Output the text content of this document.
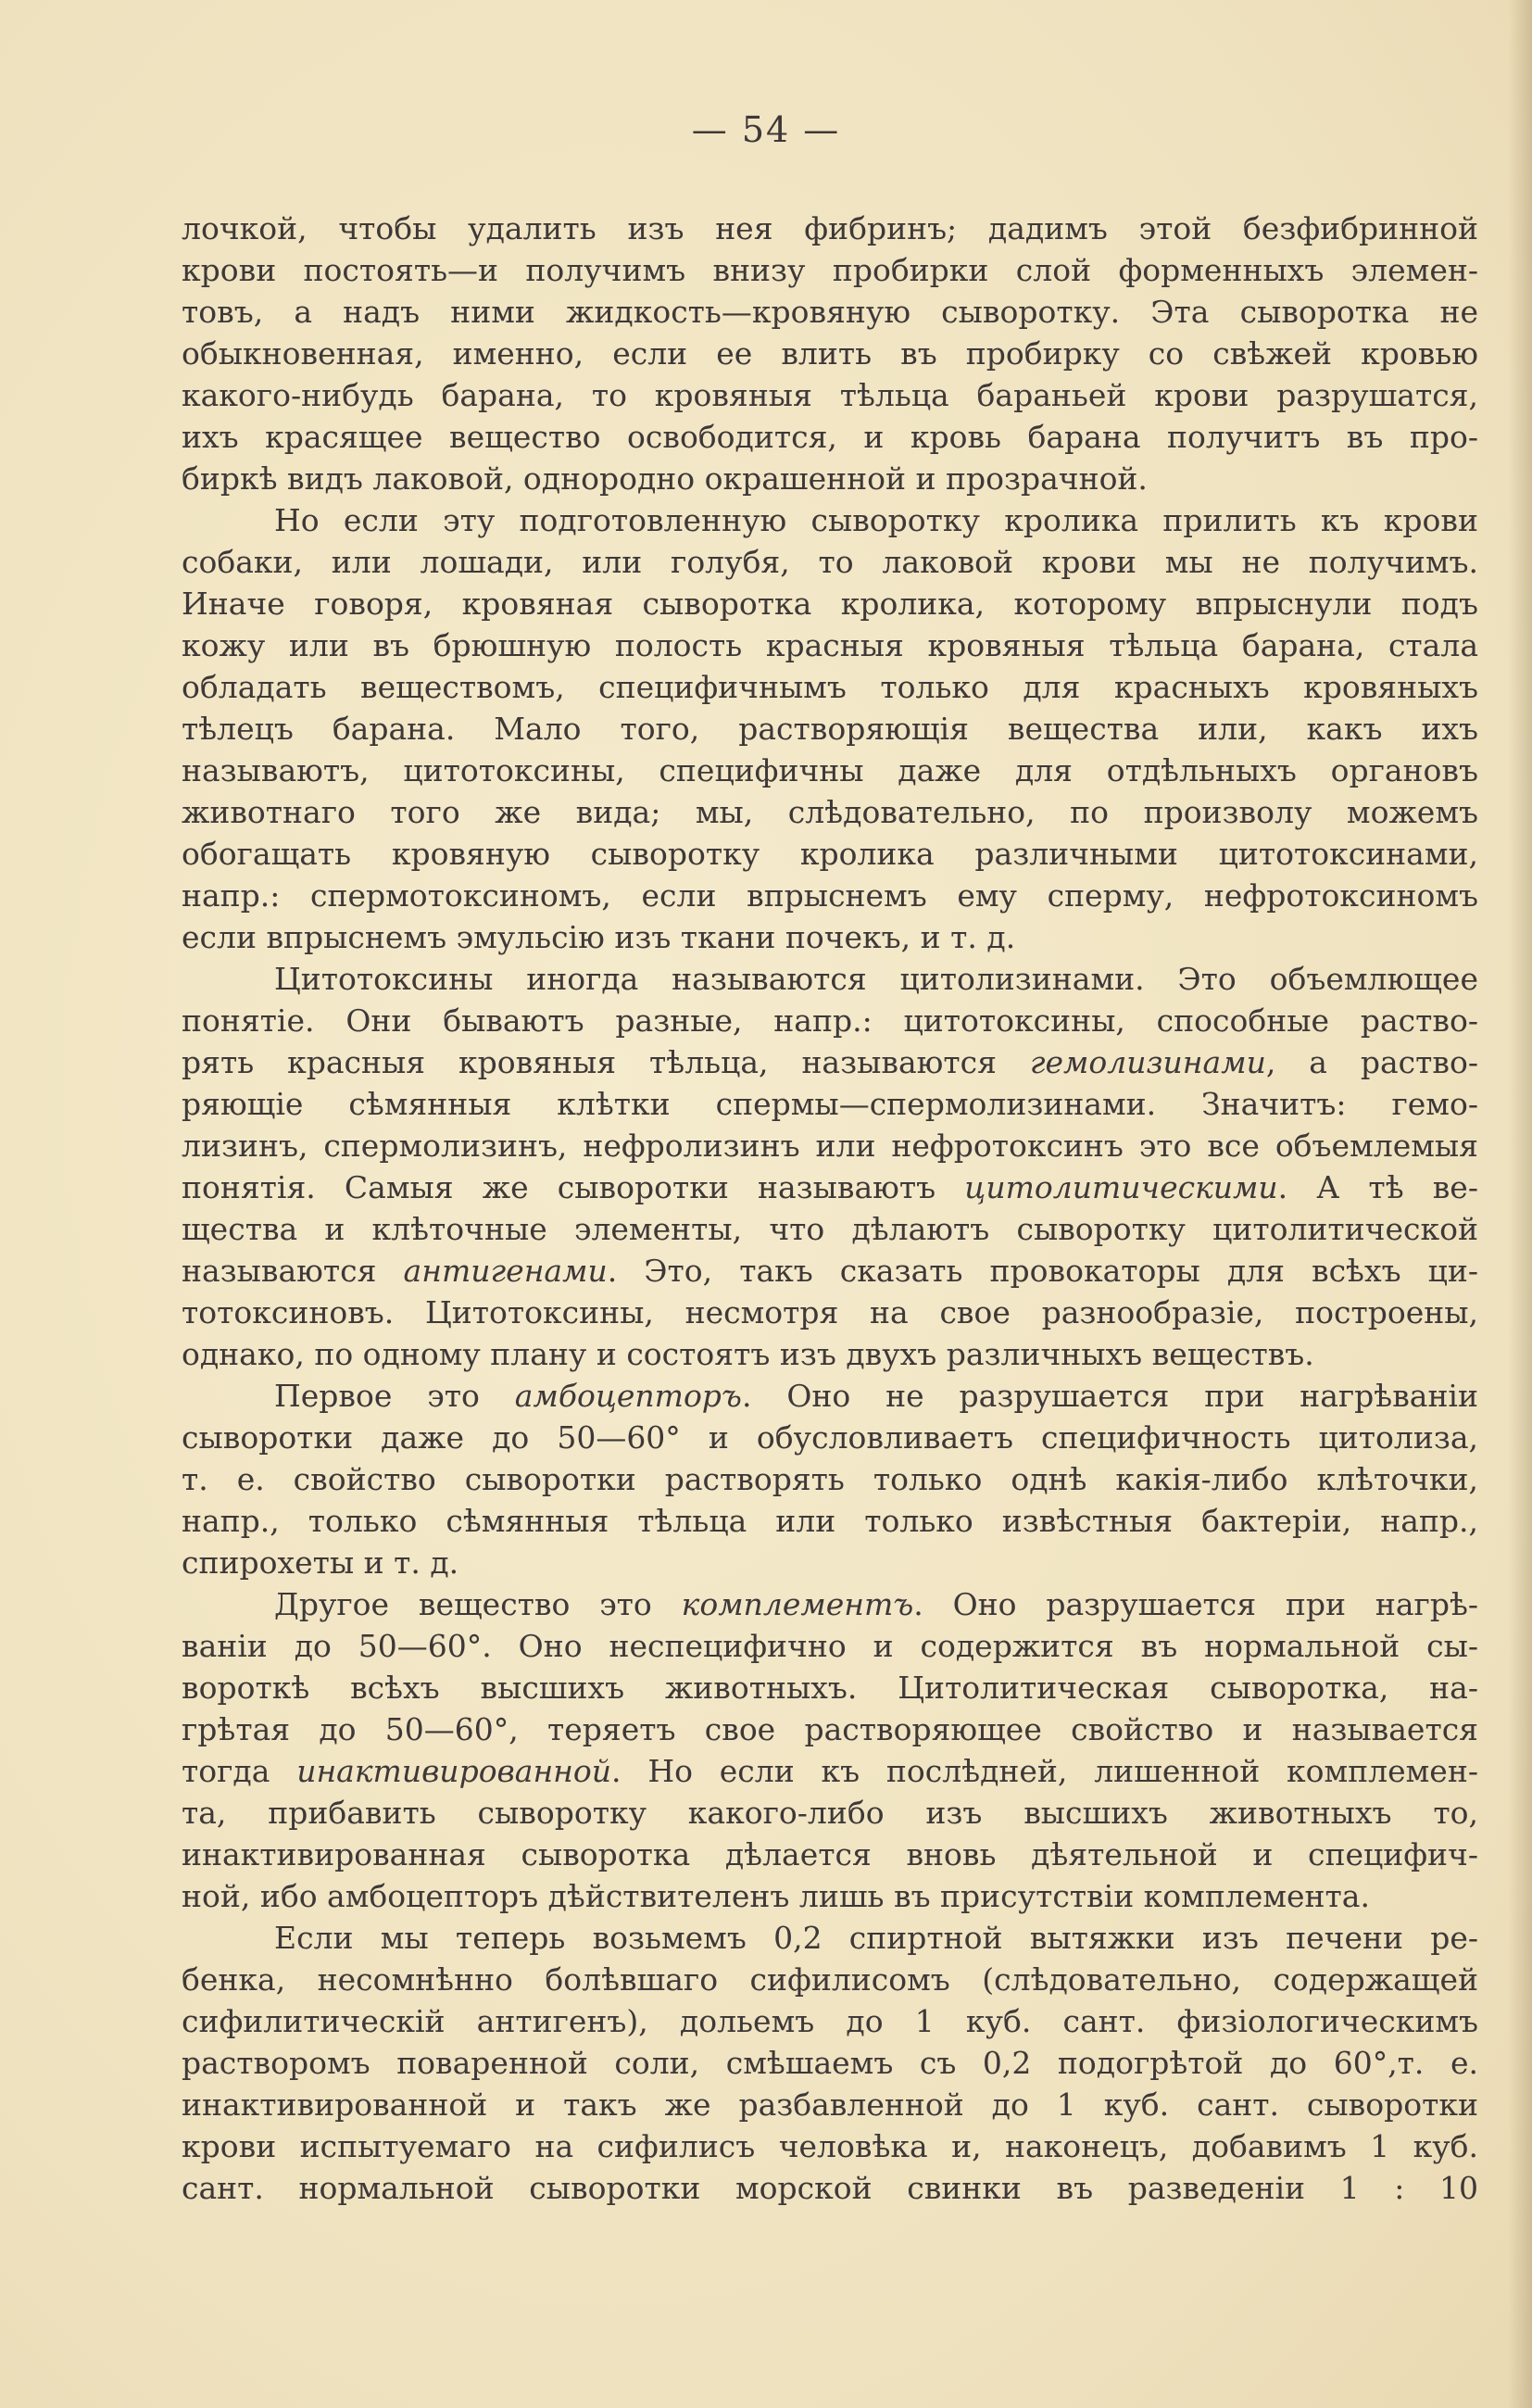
— 54 —
лочкой, чтобы удалить изъ нея фибринъ; дадимъ этой безфибринной
крови постоять—и получимъ внизу пробирки слой форменныхъ элемен-
товъ, а надъ ними жидкость—кровяную сыворотку. Эта сыворотка не
обыкновенная, именно, если ее влить въ пробирку со свѣжей кровью
какого-нибудь барана, то кровяныя тѣльца бараньей крови разрушатся,
ихъ красящее вещество освободится, и кровь барана получитъ въ про-
биркѣ видъ лаковой, однородно окрашенной и прозрачной.
Но если эту подготовленную сыворотку кролика прилить къ крови
собаки, или лошади, или голубя, то лаковой крови мы не получимъ.
Иначе говоря, кровяная сыворотка кролика, которому впрыснули подъ
кожу или въ брюшную полость красныя кровяныя тѣльца барана, стала
обладать веществомъ, специфичнымъ только для красныхъ кровяныхъ
тѣлецъ барана. Мало того, растворяющія вещества или, какъ ихъ
называютъ, цитотоксины, специфичны даже для отдѣльныхъ органовъ
животнаго того же вида; мы, слѣдовательно, по произволу можемъ
обогащать кровяную сыворотку кролика различными цитотоксинами,
напр.: спермотоксиномъ, если впрыснемъ ему сперму, нефротоксиномъ
если впрыснемъ эмульсію изъ ткани почекъ, и т. д.
Цитотоксины иногда называются цитолизинами. Это объемлющее
понятіе. Они бываютъ разные, напр.: цитотоксины, способные раство-
рять красныя кровяныя тѣльца, называются гемолизинами, а раство-
ряющіе сѣмянныя клѣтки спермы—спермолизинами. Значитъ: гемо-
лизинъ, спермолизинъ, нефролизинъ или нефротоксинъ это все объемлемыя
понятія. Самыя же сыворотки называютъ цитолитическими. А тѣ ве-
щества и клѣточные элементы, что дѣлаютъ сыворотку цитолитической
называются антигенами. Это, такъ сказать провокаторы для всѣхъ ци-
тотоксиновъ. Цитотоксины, несмотря на свое разнообразіе, построены,
однако, по одному плану и состоятъ изъ двухъ различныхъ веществъ.
Первое это амбоцепторъ. Оно не разрушается при нагрѣваніи
сыворотки даже до 50—60° и обусловливаетъ специфичность цитолиза,
т. е. свойство сыворотки растворять только однѣ какія-либо клѣточки,
напр., только сѣмянныя тѣльца или только извѣстныя бактеріи, напр.,
спирохеты и т. д.
Другое вещество это комплементъ. Оно разрушается при нагрѣ-
ваніи до 50—60°. Оно неспецифично и содержится въ нормальной сы-
вороткѣ всѣхъ высшихъ животныхъ. Цитолитическая сыворотка, на-
грѣтая до 50—60°, теряетъ свое растворяющее свойство и называется
тогда инактивированной. Но если къ послѣдней, лишенной комплемен-
та, прибавить сыворотку какого-либо изъ высшихъ животныхъ то,
инактивированная сыворотка дѣлается вновь дѣятельной и специфич-
ной, ибо амбоцепторъ дѣйствителенъ лишь въ присутствіи комплемента.
Если мы теперь возьмемъ 0,2 спиртной вытяжки изъ печени ре-
бенка, несомнѣнно болѣвшаго сифилисомъ (слѣдовательно, содержащей
сифилитическій антигенъ), дольемъ до 1 куб. сант. физіологическимъ
растворомъ поваренной соли, смѣшаемъ съ 0,2 подогрѣтой до 60°,т. е.
инактивированной и такъ же разбавленной до 1 куб. сант. сыворотки
крови испытуемаго на сифилисъ человѣка и, наконецъ, добавимъ 1 куб.
сант. нормальной сыворотки морской свинки въ разведеніи 1 : 10
